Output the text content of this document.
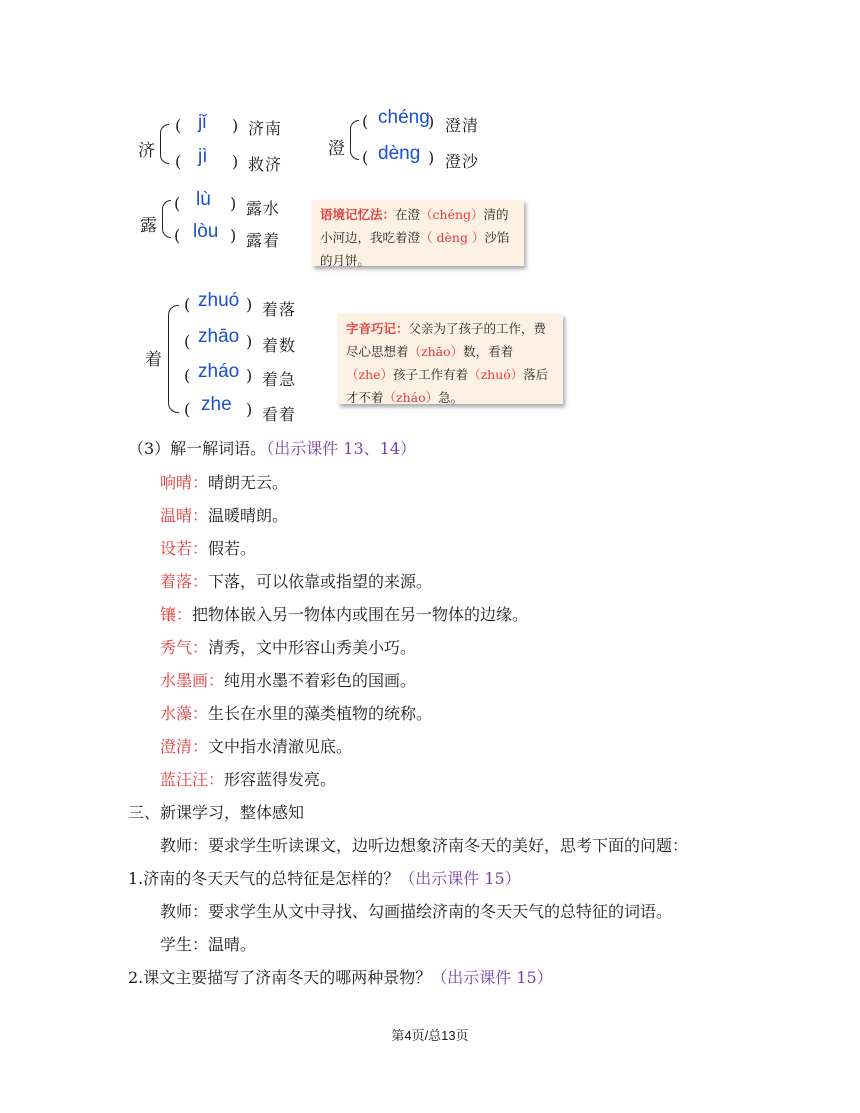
济
( jǐ ) 济南
( jì ) 救济
澄
( chéng
) 澄清
( dèng ) 澄沙
露
( lù ) 露水
( lòu ) 露着
语境记忆法：在澄（chéng）清的小河边，我吃着澄（ dèng ）沙馅的月饼。
着
( zhuó ) 着落
( zhāo ) 着数
( zháo ) 着急
( zhe ) 看着
字音巧记：父亲为了孩子的工作，费尽心思想着（zhāo）数，看着（zhe）孩子工作有着（zhuó）落后才不着（zháo）急。
（3）解一解词语。（出示课件 13、14）
响晴：晴朗无云。
温晴：温暖晴朗。
设若：假若。
着落：下落，可以依靠或指望的来源。
镶：把物体嵌入另一物体内或围在另一物体的边缘。
秀气：清秀，文中形容山秀美小巧。
水墨画：纯用水墨不着彩色的国画。
水藻：生长在水里的藻类植物的统称。
澄清：文中指水清澈见底。
蓝汪汪：形容蓝得发亮。
三、新课学习，整体感知
教师：要求学生听读课文，边听边想象济南冬天的美好，思考下面的问题：
1.济南的冬天天气的总特征是怎样的？（出示课件 15）
教师：要求学生从文中寻找、勾画描绘济南的冬天天气的总特征的词语。
学生：温晴。
2.课文主要描写了济南冬天的哪两种景物？（出示课件 15）
第4页/总13页
